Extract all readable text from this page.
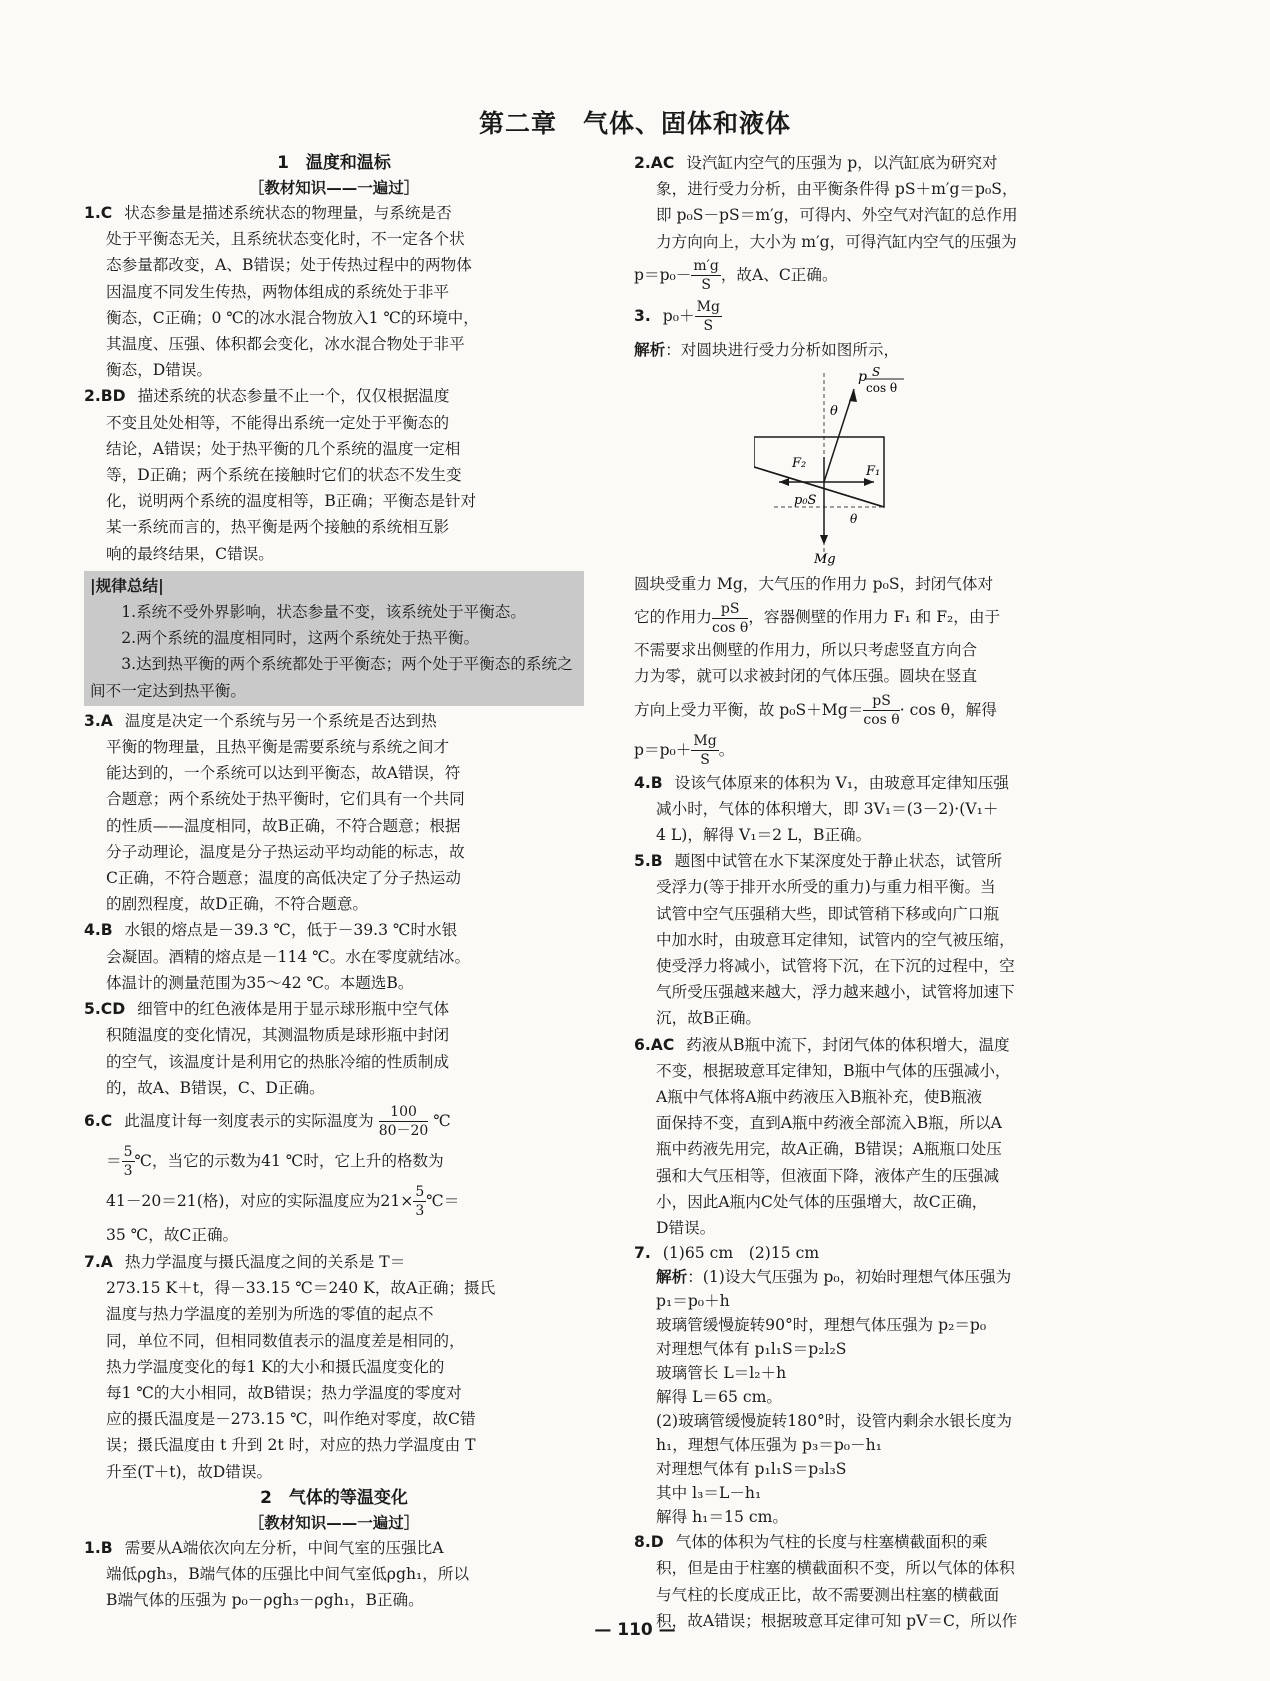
第二章　气体、固体和液体
1　温度和温标
［教材知识——一遍过］
1.C 状态参量是描述系统状态的物理量，与系统是否
处于平衡态无关，且系统状态变化时，不一定各个状
态参量都改变，A、B错误；处于传热过程中的两物体
因温度不同发生传热，两物体组成的系统处于非平
衡态，C正确；0 ℃的冰水混合物放入1 ℃的环境中，
其温度、压强、体积都会变化，冰水混合物处于非平
衡态，D错误。
2.BD 描述系统的状态参量不止一个，仅仅根据温度
不变且处处相等，不能得出系统一定处于平衡态的
结论，A错误；处于热平衡的几个系统的温度一定相
等，D正确；两个系统在接触时它们的状态不发生变
化，说明两个系统的温度相等，B正确；平衡态是针对
某一系统而言的，热平衡是两个接触的系统相互影
响的最终结果，C错误。
|规律总结|

1.系统不受外界影响，状态参量不变，该系统处于平衡态。

2.两个系统的温度相同时，这两个系统处于热平衡。

3.达到热平衡的两个系统都处于平衡态；两个处于平衡态的系统之间不一定达到热平衡。

3.A 温度是决定一个系统与另一个系统是否达到热
平衡的物理量，且热平衡是需要系统与系统之间才
能达到的，一个系统可以达到平衡态，故A错误，符
合题意；两个系统处于热平衡时，它们具有一个共同
的性质——温度相同，故B正确，不符合题意；根据
分子动理论，温度是分子热运动平均动能的标志，故
C正确，不符合题意；温度的高低决定了分子热运动
的剧烈程度，故D正确，不符合题意。
4.B 水银的熔点是－39.3 ℃，低于－39.3 ℃时水银
会凝固。酒精的熔点是－114 ℃。水在零度就结冰。
体温计的测量范围为35～42 ℃。本题选B。
5.CD 细管中的红色液体是用于显示球形瓶中空气体
积随温度的变化情况，其测温物质是球形瓶中封闭
的空气，该温度计是利用它的热胀冷缩的性质制成
的，故A、B错误，C、D正确。
6.C 此温度计每一刻度表示的实际温度为 $\frac{100}{80-20}$ ℃
＝ $\frac{5}{3}$ ℃，当它的示数为41 ℃时，它上升的格数为
41－20＝21(格)，对应的实际温度应为$21\times \frac{5}{3}$ ℃＝
35 ℃，故C正确。
7.A 热力学温度与摄氏温度之间的关系是 T＝
273.15 K＋t，得－33.15 ℃＝240 K，故A正确；摄氏
温度与热力学温度的差别为所选的零值的起点不
同，单位不同，但相同数值表示的温度差是相同的，
热力学温度变化的每1 K的大小和摄氏温度变化的
每1 ℃的大小相同，故B错误；热力学温度的零度对
应的摄氏温度是－273.15 ℃，叫作绝对零度，故C错
误；摄氏温度由 t 升到 2t 时，对应的热力学温度由 T
升至(T＋t)，故D错误。
2　气体的等温变化
［教材知识——一遍过］
1.B 需要从A端依次向左分析，中间气室的压强比A
端低ρgh₃，B端气体的压强比中间气室低ρgh₁，所以
B端气体的压强为 p₀－ρgh₃－ρgh₁，B正确。
2.AC 设汽缸内空气的压强为 p，以汽缸底为研究对
象，进行受力分析，由平衡条件得 pS＋m′g＝p₀S，
即 p₀S－pS＝m′g，可得内、外空气对汽缸的总作用
力方向向上，大小为 m′g，可得汽缸内空气的压强为
$p=p_0- \frac{m'g}{S}$ ，故A、C正确。
3. $p_0+ \frac{Mg}{S}$
解析：对圆块进行受力分析如图所示，
p S
cos θ
θ
F₂
F₁
p₀S
θ
Mg
圆块受重力 Mg，大气压的作用力 p₀S，封闭气体对
它的作用力 $\frac{pS}{\text{cos θ}}$ ，容器侧壁的作用力 F₁ 和 F₂，由于
不需要求出侧壁的作用力，所以只考虑竖直方向合
力为零，就可以求被封闭的气体压强。圆块在竖直
方向上受力平衡，故 $p_0S+Mg= \frac{pS}{\text{cos θ}} \cdot \cos \theta$，解得
$p=p_0+ \frac{Mg}{S}$ 。
4.B 设该气体原来的体积为 V₁，由玻意耳定律知压强
减小时，气体的体积增大，即 3V₁＝(3－2)·(V₁＋
4 L)，解得 V₁＝2 L，B正确。
5.B 题图中试管在水下某深度处于静止状态，试管所
受浮力(等于排开水所受的重力)与重力相平衡。当
试管中空气压强稍大些，即试管稍下移或向广口瓶
中加水时，由玻意耳定律知，试管内的空气被压缩，
使受浮力将减小，试管将下沉，在下沉的过程中，空
气所受压强越来越大，浮力越来越小，试管将加速下
沉，故B正确。
6.AC 药液从B瓶中流下，封闭气体的体积增大，温度
不变，根据玻意耳定律知，B瓶中气体的压强减小，
A瓶中气体将A瓶中药液压入B瓶补充，使B瓶液
面保持不变，直到A瓶中药液全部流入B瓶，所以A
瓶中药液先用完，故A正确，B错误；A瓶瓶口处压
强和大气压相等，但液面下降，液体产生的压强减
小，因此A瓶内C处气体的压强增大，故C正确，
D错误。
7. (1)65 cm　(2)15 cm
解析：(1)设大气压强为 p₀，初始时理想气体压强为
p₁＝p₀＋h
玻璃管缓慢旋转90°时，理想气体压强为 p₂＝p₀
对理想气体有 p₁l₁S＝p₂l₂S
玻璃管长 L＝l₂＋h
解得 L＝65 cm。
(2)玻璃管缓慢旋转180°时，设管内剩余水银长度为
h₁，理想气体压强为 p₃＝p₀－h₁
对理想气体有 p₁l₁S＝p₃l₃S
其中 l₃＝L－h₁
解得 h₁＝15 cm。
8.D 气体的体积为气柱的长度与柱塞横截面积的乘
积，但是由于柱塞的横截面积不变，所以气体的体积
与气柱的长度成正比，故不需要测出柱塞的横截面
积，故A错误；根据玻意耳定律可知 pV＝C，所以作
— 110 —
